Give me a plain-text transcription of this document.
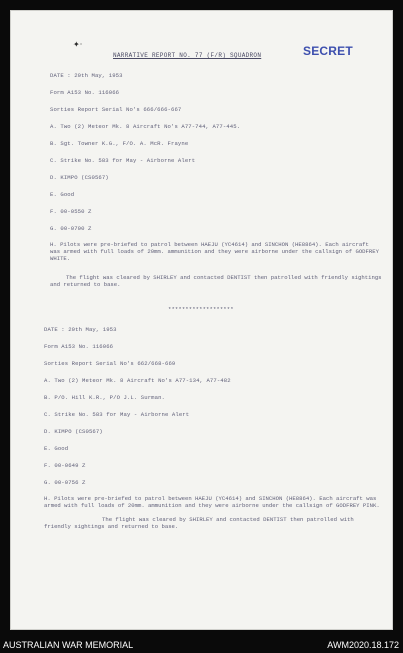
✦·	SECRET
NARRATIVE REPORT NO. 77 (F/R) SQUADRON
DATE : 20th May, 1953
Form A153 No. 116066
Sorties Report Serial No's 666/666-667
A. Two (2) Meteor Mk. 8 Aircraft No's A77-744, A77-445.
B. Sgt. Towner K.G., F/O. A. McR. Frayne
C. Strike No. 583 for May - Airborne Alert
D. KIMPO (CS0567)
E. Good
F. 00-0550 Z
G. 00-0700 Z
H. Pilots were pre-briefed to patrol between HAEJU (YC4614) and SINCHON (HE8864). Each aircraft was armed with full loads of 20mm. ammunition and they were airborne under the callsign of GODFREY WHITE.
The flight was cleared by SHIRLEY and contacted DENTIST then patrolled with friendly sightings and returned to base.
*******************
DATE : 20th May, 1953
Form A153 No. 116066
Sorties Report Serial No's 662/668-669
A. Two (2) Meteor Mk. 8 Aircraft No's A77-134, A77-482
B. P/O. Hill K.R., P/O J.L. Surman.
C. Strike No. 583 for May - Airborne Alert
D. KIMPO (CS0567)
E. Good
F. 00-0649 Z
G. 00-0756 Z
H. Pilots were pre-briefed to patrol between HAEJU (YC4614) and SINCHON (HE8864). Each aircraft was armed with full loads of 20mm. ammunition and they were airborne under the callsign of GODFREY PINK.
The flight was cleared by SHIRLEY and contacted DENTIST then patrolled with friendly sightings and returned to base.
AUSTRALIAN WAR MEMORIAL	AWM2020.18.172
